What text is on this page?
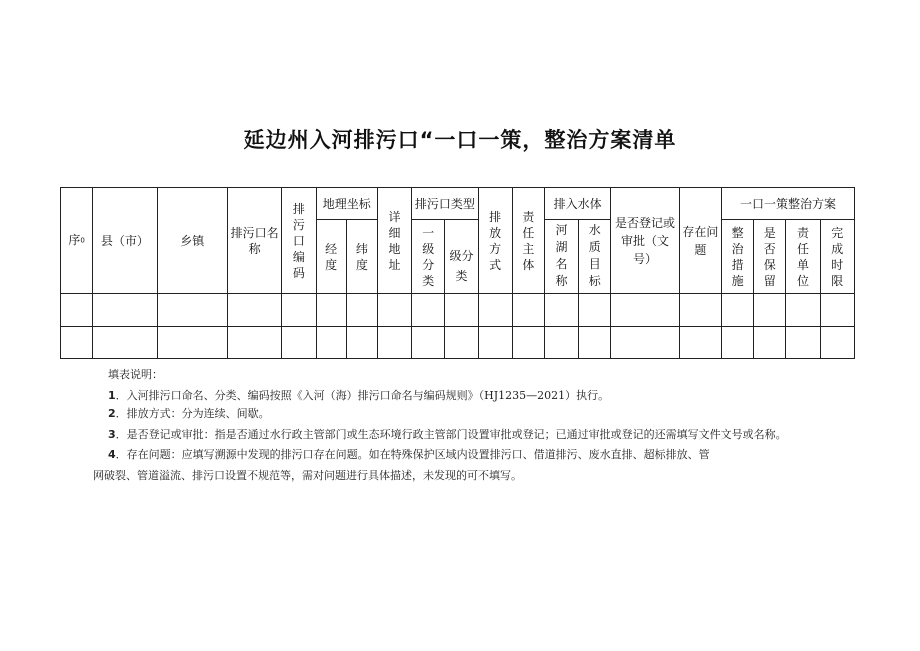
延边州入河排污口“一口一策，整治方案清单
序0	县（市）	乡镇	排污口名称	排污口编码	地理坐标		详细地址	排污口类型		排放方式	责任主体	排入水体		是否登记或审批（文号）	存在问题	一口一策整治方案			
					经度	纬度		一级分类	级分类			河湖名称	水质目标			整治措施	是否保留	责任单位	完成时限

填表说明：
1．入河排污口命名、分类、编码按照《入河（海）排污口命名与编码规则》（HJ1235—2021）执行。
2．排放方式：分为连续、间歇。
3．是否登记或审批：指是否通过水行政主管部门或生态环境行政主管部门设置审批或登记；已通过审批或登记的还需填写文件文号或名称。
4．存在问题：应填写溯源中发现的排污口存在问题。如在特殊保护区域内设置排污口、借道排污、废水直排、超标排放、管
网破裂、管道溢流、排污口设置不规范等，需对问题进行具体描述，未发现的可不填写。
